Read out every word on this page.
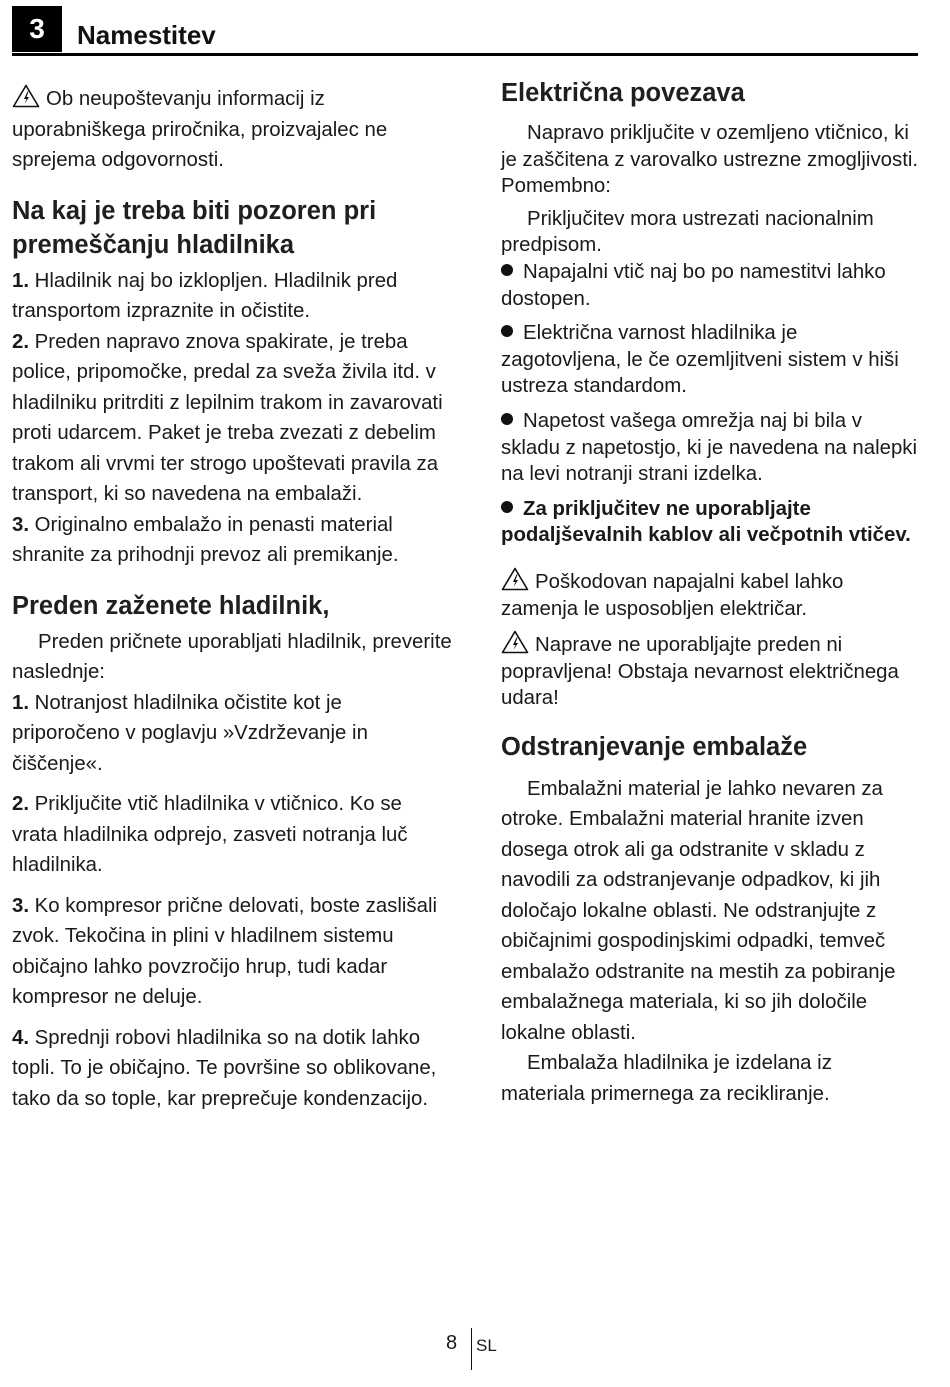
3	Namestitev

Ob neupoštevanju informacij iz uporabniškega priročnika, proizvajalec ne sprejema odgovornosti.

Na kaj je treba biti pozoren pri premeščanju hladilnika

1. Hladilnik naj bo izklopljen. Hladilnik pred transportom izpraznite in očistite.

2. Preden napravo znova spakirate, je treba police, pripomočke, predal za sveža živila itd. v hladilniku pritrditi z lepilnim trakom in zavarovati proti udarcem. Paket je treba zvezati z debelim trakom ali vrvmi ter strogo upoštevati pravila za transport, ki so navedena na embalaži.

3. Originalno embalažo in penasti material shranite za prihodnji prevoz ali premikanje.

Preden zaženete hladilnik,

Preden pričnete uporabljati hladilnik, preverite naslednje:

1. Notranjost hladilnika očistite kot je priporočeno v poglavju »Vzdrževanje in čiščenje«.

2. Priključite vtič hladilnika v vtičnico. Ko se vrata hladilnika odprejo, zasveti notranja luč hladilnika.

3. Ko kompresor prične delovati, boste zaslišali zvok. Tekočina in plini v hladilnem sistemu običajno lahko povzročijo hrup, tudi kadar kompresor ne deluje.

4. Sprednji robovi hladilnika so na dotik lahko topli. To je običajno. Te površine so oblikovane, tako da so tople, kar preprečuje kondenzacijo.

Električna povezava

Napravo priključite v ozemljeno vtičnico, ki je zaščitena z varovalko ustrezne zmogljivosti.

Pomembno:

Priključitev mora ustrezati nacionalnim predpisom.

Napajalni vtič naj bo po namestitvi lahko dostopen.

Električna varnost hladilnika je zagotovljena, le če ozemljitveni sistem v hiši ustreza standardom.

Napetost vašega omrežja naj bi bila v skladu z napetostjo, ki je navedena na nalepki na levi notranji strani izdelka.

Za priključitev ne uporabljajte podaljševalnih kablov ali večpotnih vtičev.

Poškodovan napajalni kabel lahko zamenja le usposobljen električar.

Naprave ne uporabljajte preden ni popravljena! Obstaja nevarnost električnega udara!

Odstranjevanje embalaže

Embalažni material je lahko nevaren za otroke. Embalažni material hranite izven dosega otrok ali ga odstranite v skladu z navodili za odstranjevanje odpadkov, ki jih določajo lokalne oblasti. Ne odstranjujte z običajnimi gospodinjskimi odpadki, temveč embalažo odstranite na mestih za pobiranje embalažnega materiala, ki so jih določile lokalne oblasti.

Embalaža hladilnika je izdelana iz materiala primernega za recikliranje.

8 SL
